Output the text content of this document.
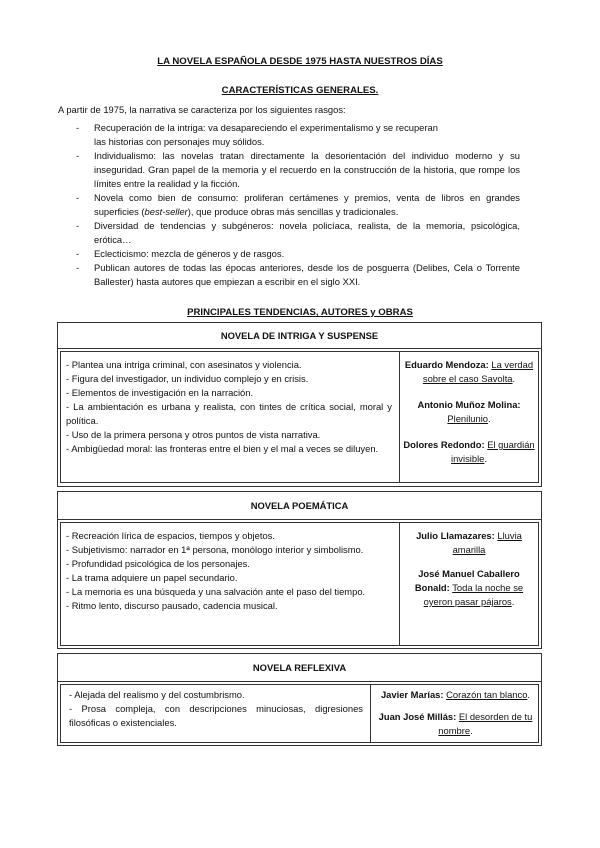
LA NOVELA ESPAÑOLA DESDE 1975 HASTA NUESTROS DÍAS
CARACTERÍSTICAS GENERALES.
A partir de 1975, la narrativa se caracteriza por los siguientes rasgos:
- Recuperación de la intriga: va desapareciendo el experimentalismo y se recuperan
las historias con personajes muy sólidos.
- Individualismo: las novelas tratan directamente la desorientación del individuo moderno y su inseguridad. Gran papel de la memoria y el recuerdo en la construcción de la historia, que rompe los límites entre la realidad y la ficción.
- Novela como bien de consumo: proliferan certámenes y premios, venta de libros en grandes superficies (best-seller), que produce obras más sencillas y tradicionales.
- Diversidad de tendencias y subgéneros: novela policíaca, realista, de la memoria, psicológica, erótica…
- Eclecticismo: mezcla de géneros y de rasgos.
- Publican autores de todas las épocas anteriores, desde los de posguerra (Delibes, Cela o Torrente Ballester) hasta autores que empiezan a escribir en el siglo XXI.
PRINCIPALES TENDENCIAS, AUTORES y OBRAS
NOVELA DE INTRIGA Y SUSPENSE
- Plantea una intriga criminal, con asesinatos y violencia.
- Figura del investigador, un individuo complejo y en crisis.
- Elementos de investigación en la narración.
- La ambientación es urbana y realista, con tintes de crítica social, moral y política.
- Uso de la primera persona y otros puntos de vista narrativa.
- Ambigüedad moral: las fronteras entre el bien y el mal a veces se diluyen.

Eduardo Mendoza: La verdad sobre el caso Savolta.

Antonio Muñoz Molina: Plenilunio.

Dolores Redondo: El guardián invisible.

NOVELA POEMÁTICA
- Recreación lírica de espacios, tiempos y objetos.
- Subjetivismo: narrador en 1ª persona, monólogo interior y simbolismo.
- Profundidad psicológica de los personajes.
- La trama adquiere un papel secundario.
- La memoria es una búsqueda y una salvación ante el paso del tiempo.
- Ritmo lento, discurso pausado, cadencia musical.

Julio Llamazares: Lluvia amarilla

José Manuel Caballero Bonald: Toda la noche se oyeron pasar pájaros.

NOVELA REFLEXIVA
- Alejada del realismo y del costumbrismo.
- Prosa compleja, con descripciones minuciosas, digresiones filosóficas o existenciales.

Javier Marías: Corazón tan blanco.

Juan José Millás: El desorden de tu nombre.
